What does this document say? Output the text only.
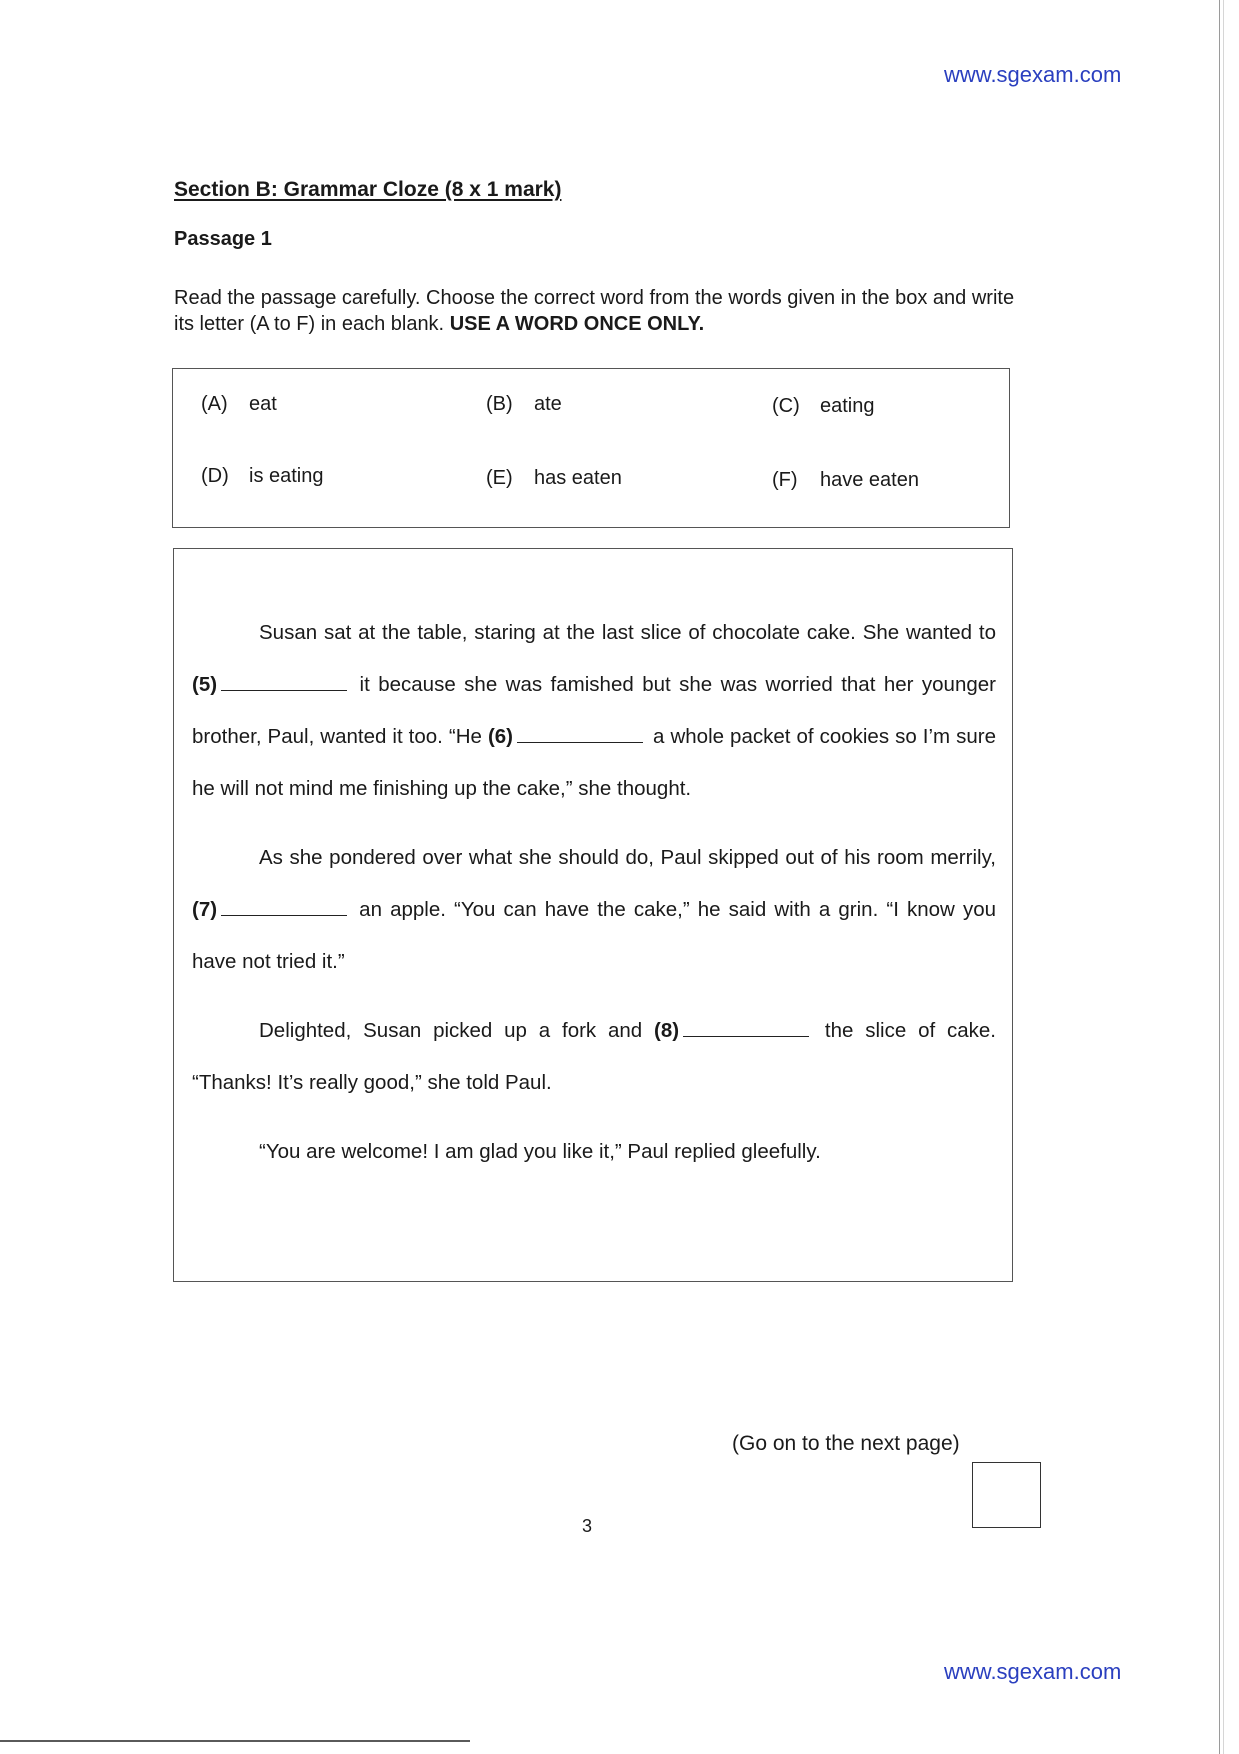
www.sgexam.com
Section B: Grammar Cloze (8 x 1 mark)
Passage 1
Read the passage carefully. Choose the correct word from the words given in the box and write its letter (A to F) in each blank. USE A WORD ONCE ONLY.
(A) eat	(B) ate	(C) eating
(D) is eating	(E) has eaten	(F) have eaten

Susan sat at the table, staring at the last slice of chocolate cake. She wanted to (5)	it because she was famished but she was worried that her younger brother, Paul, wanted it too. “He (6)	a whole packet of cookies so I’m sure he will not mind me finishing up the cake,” she thought.

As she pondered over what she should do, Paul skipped out of his room merrily, (7)	an apple. “You can have the cake,” he said with a grin. “I know you have not tried it.”

Delighted, Susan picked up a fork and (8)	the slice of cake. “Thanks! It’s really good,” she told Paul.

“You are welcome! I am glad you like it,” Paul replied gleefully.

(Go on to the next page)
3
www.sgexam.com
